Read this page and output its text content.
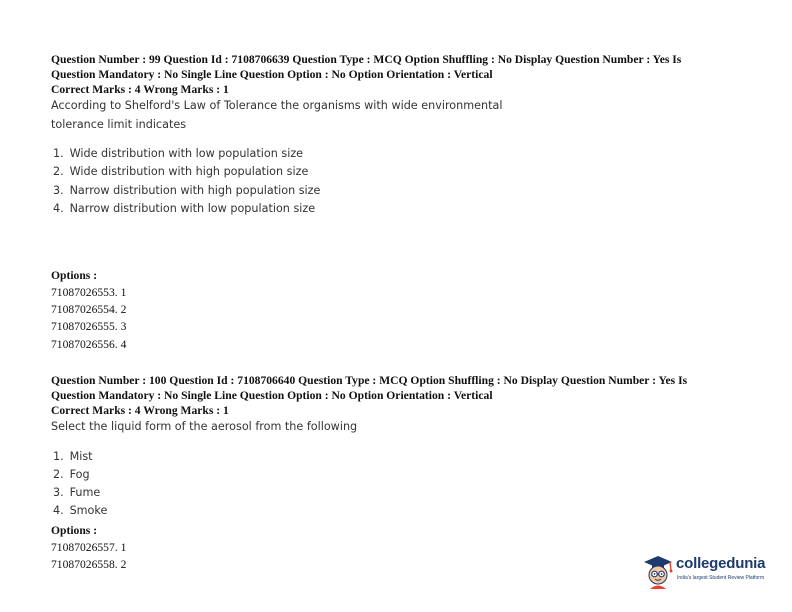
Question Number : 99 Question Id : 7108706639 Question Type : MCQ Option Shuffling : No Display Question Number : Yes Is
Question Mandatory : No Single Line Question Option : No Option Orientation : Vertical
Correct Marks : 4 Wrong Marks : 1
According to Shelford's Law of Tolerance the organisms with wide environmental tolerance limit indicates
1. Wide distribution with low population size
2. Wide distribution with high population size
3. Narrow distribution with high population size
4. Narrow distribution with low population size
Options :
71087026553. 1
71087026554. 2
71087026555. 3
71087026556. 4
Question Number : 100 Question Id : 7108706640 Question Type : MCQ Option Shuffling : No Display Question Number : Yes Is
Question Mandatory : No Single Line Question Option : No Option Orientation : Vertical
Correct Marks : 4 Wrong Marks : 1
Select the liquid form of the aerosol from the following
1. Mist
2. Fog
3. Fume
4. Smoke
Options :
71087026557. 1
71087026558. 2	collegedunia
India's largest Student Review Platform
